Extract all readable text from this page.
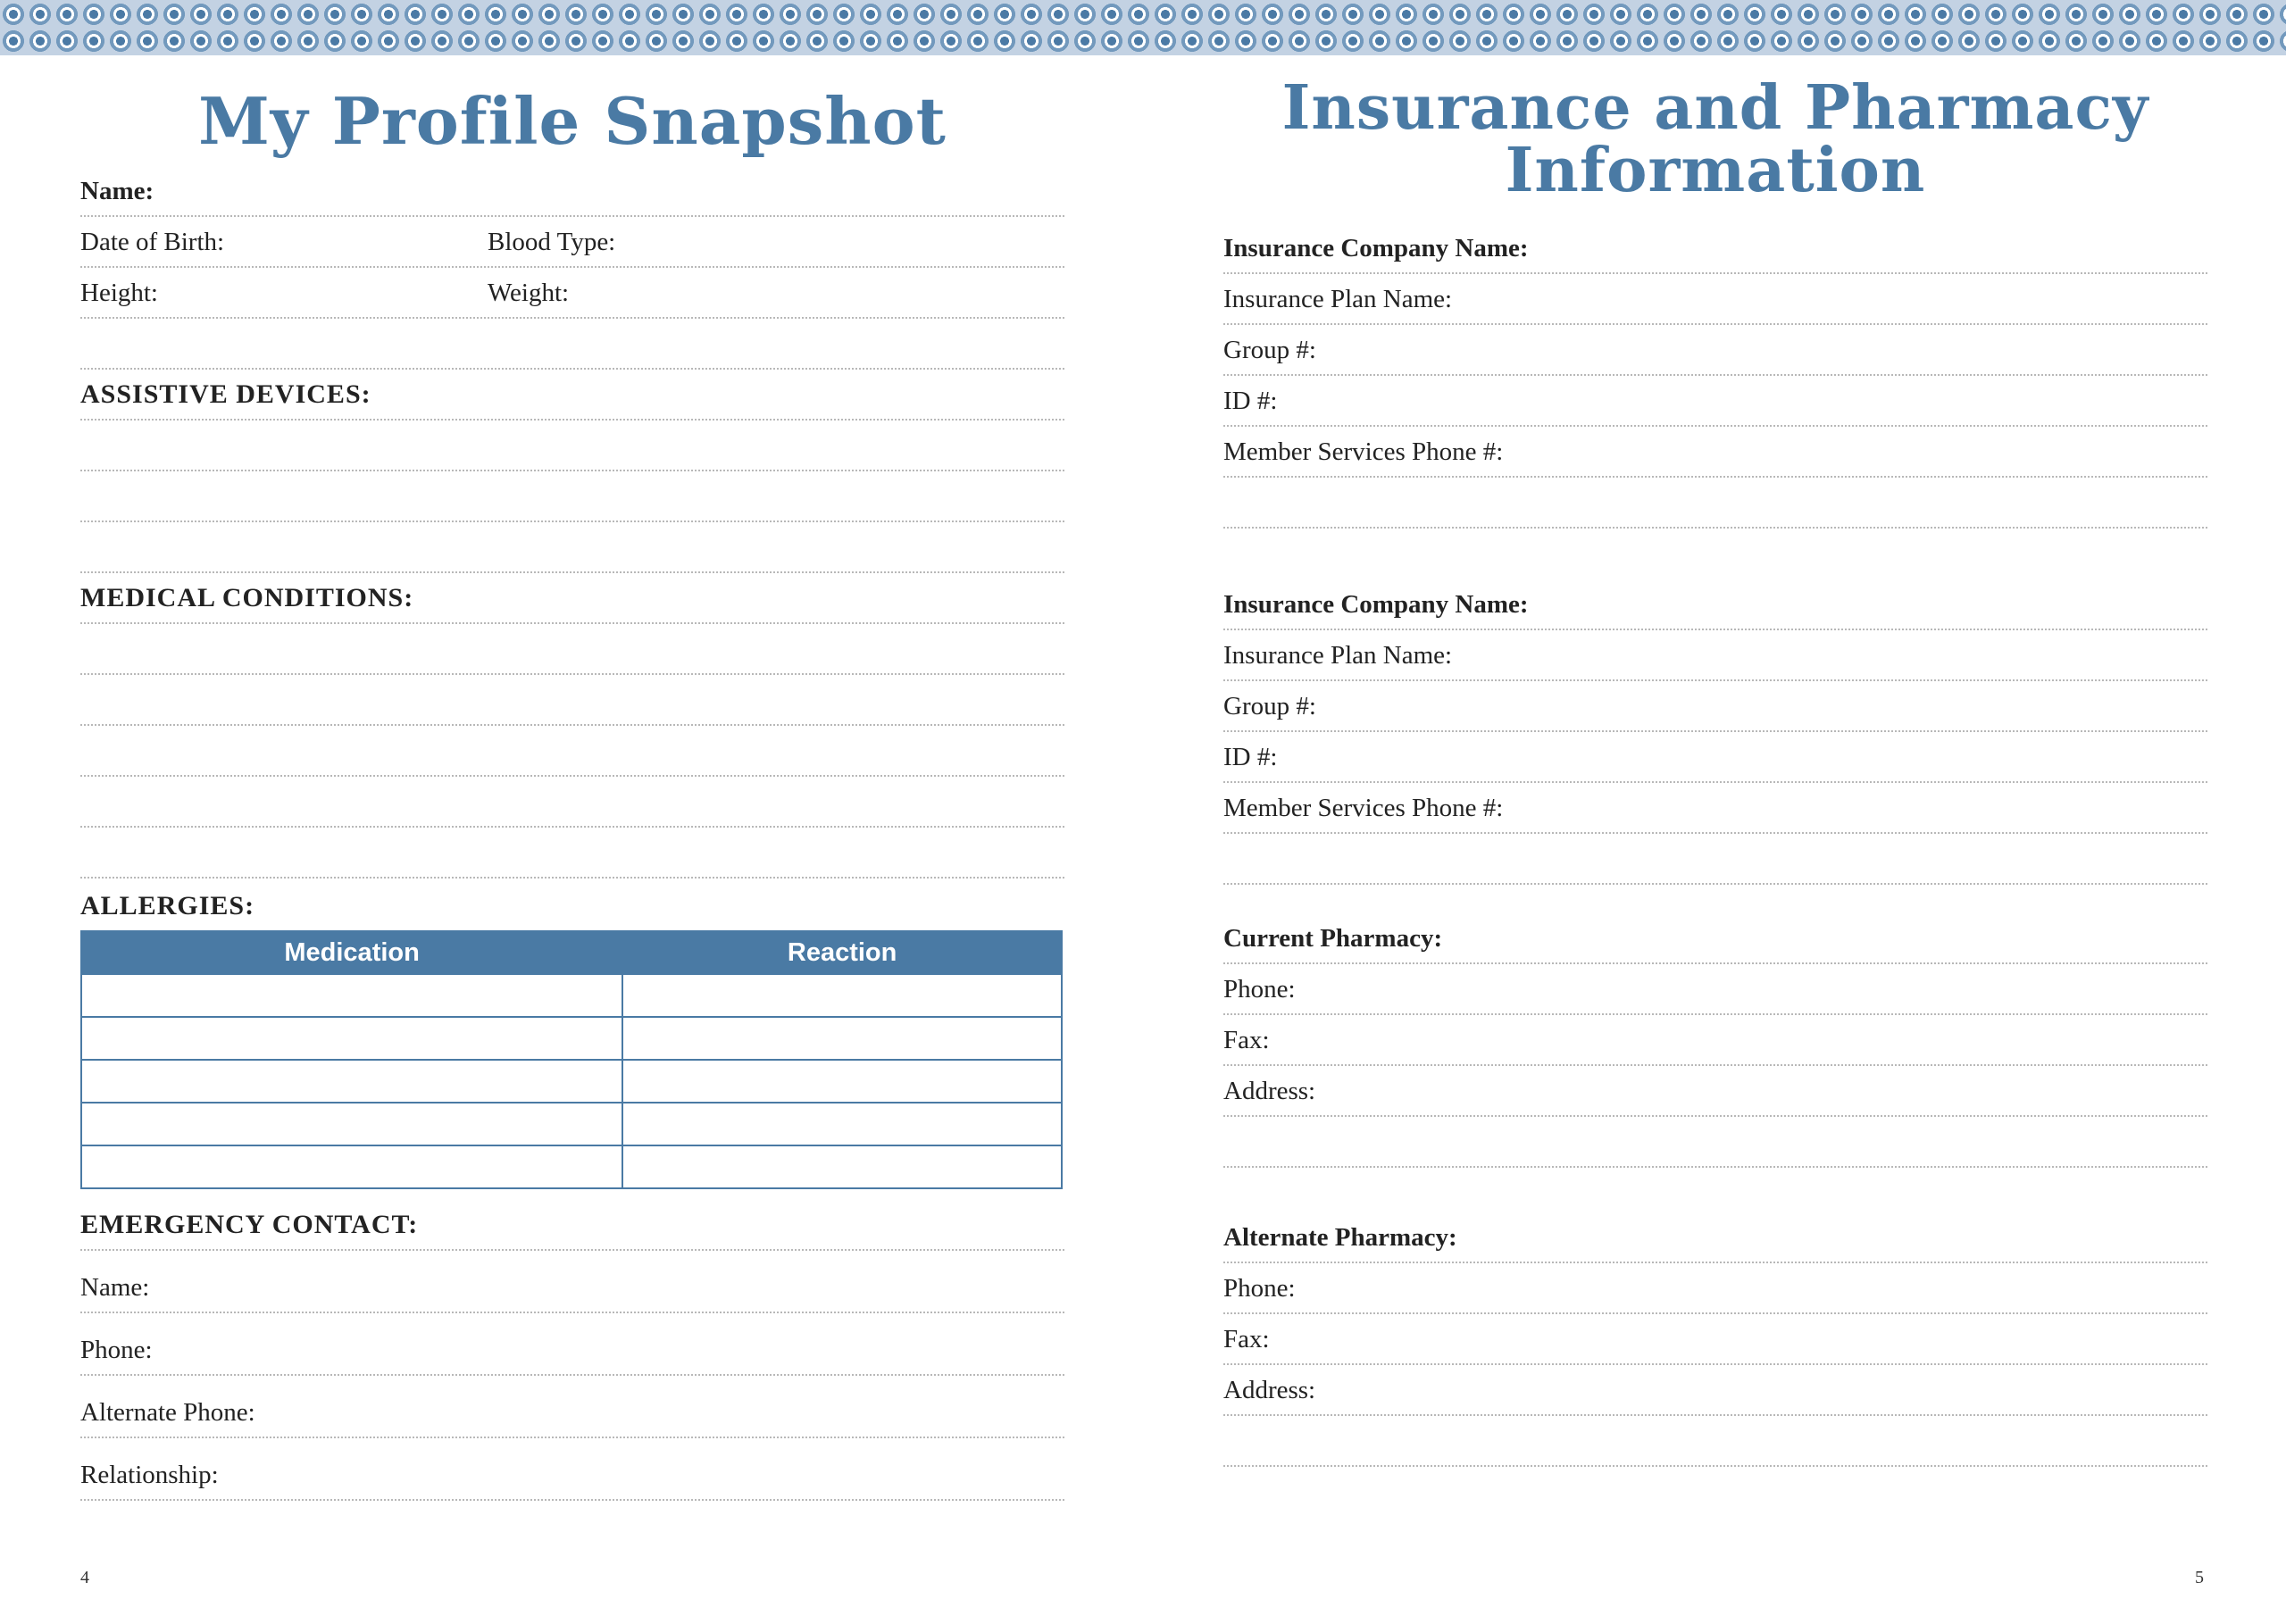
My Profile Snapshot
Name:
Date of Birth:	Blood Type:
Height:	Weight:
ASSISTIVE DEVICES:
MEDICAL CONDITIONS:
ALLERGIES:
Medication	Reaction

EMERGENCY CONTACT:
Name:
Phone:
Alternate Phone:
Relationship:
4
Insurance and Pharmacy
Information
Insurance Company Name:
Insurance Plan Name:
Group #:
ID #:
Member Services Phone #:
Insurance Company Name:
Insurance Plan Name:
Group #:
ID #:
Member Services Phone #:
Current Pharmacy:
Phone:
Fax:
Address:
Alternate Pharmacy:
Phone:
Fax:
Address:
5
